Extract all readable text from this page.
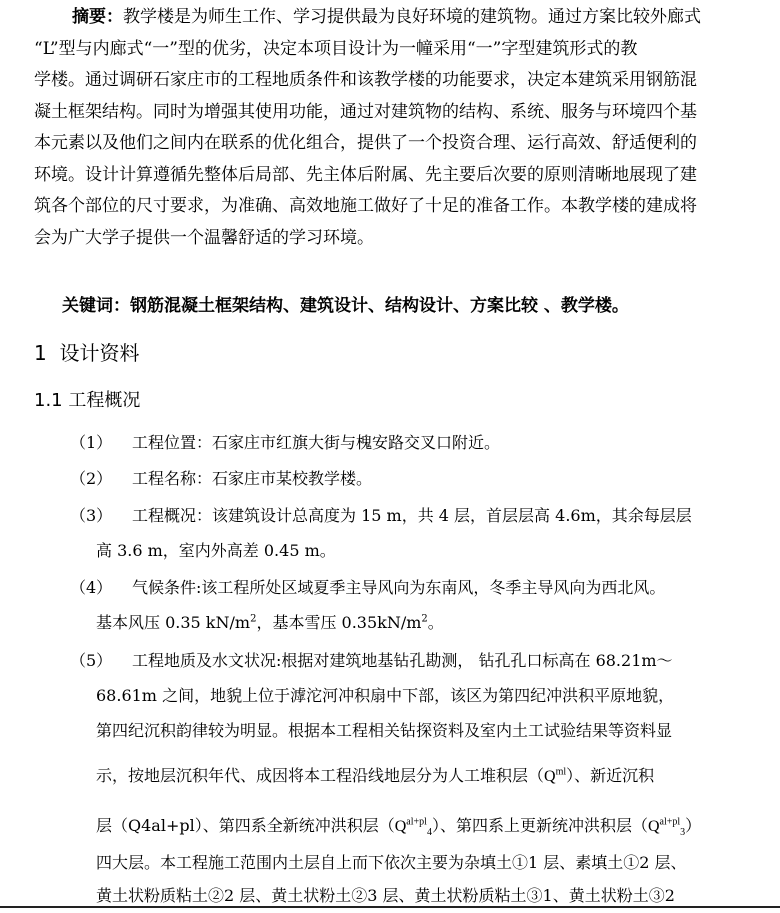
摘要：教学楼是为师生工作、学习提供最为良好环境的建筑物。通过方案比较外廊式
“L”型与内廊式“一”型的优劣，决定本项目设计为一幢采用“一”字型建筑形式的教
学楼。通过调研石家庄市的工程地质条件和该教学楼的功能要求，决定本建筑采用钢筋混
凝土框架结构。同时为增强其使用功能，通过对建筑物的结构、系统、服务与环境四个基
本元素以及他们之间内在联系的优化组合，提供了一个投资合理、运行高效、舒适便利的
环境。设计计算遵循先整体后局部、先主体后附属、先主要后次要的原则清晰地展现了建
筑各个部位的尺寸要求，为准确、高效地施工做好了十足的准备工作。本教学楼的建成将
会为广大学子提供一个温馨舒适的学习环境。
关键词：钢筋混凝土框架结构、建筑设计、结构设计、方案比较 、教学楼。
1 设计资料
1.1 工程概况
（1） 工程位置：石家庄市红旗大街与槐安路交叉口附近。
（2） 工程名称：石家庄市某校教学楼。
（3） 工程概况：该建筑设计总高度为 15 m，共 4 层，首层层高 4.6m，其余每层层
高 3.6 m，室内外高差 0.45 m。
（4） 气候条件:该工程所处区域夏季主导风向为东南风，冬季主导风向为西北风。
基本风压 0.35 $kN/m^2$，基本雪压 $0.35kN/m^2$。
（5） 工程地质及水文状况:根据对建筑地基钻孔勘测， 钻孔孔口标高在 68.21m～
68.61m 之间，地貌上位于滹沱河冲积扇中下部，该区为第四纪冲洪积平原地貌，
第四纪沉积韵律较为明显。根据本工程相关钻探资料及室内土工试验结果等资料显
示，按地层沉积年代、成因将本工程沿线地层分为人工堆积层$(Q^{ml})$、新近沉积
层（Q4al+pl）、第四系全新统冲洪积层$(Q^{al+pl}_4)$、第四系上更新统冲洪积层$(Q^{al+pl}_3)$
四大层。本工程施工范围内土层自上而下依次主要为杂填土①1 层、素填土①2 层、
黄土状粉质粘土②2 层、黄土状粉土②3 层、黄土状粉质粘土③1、黄土状粉土③2
